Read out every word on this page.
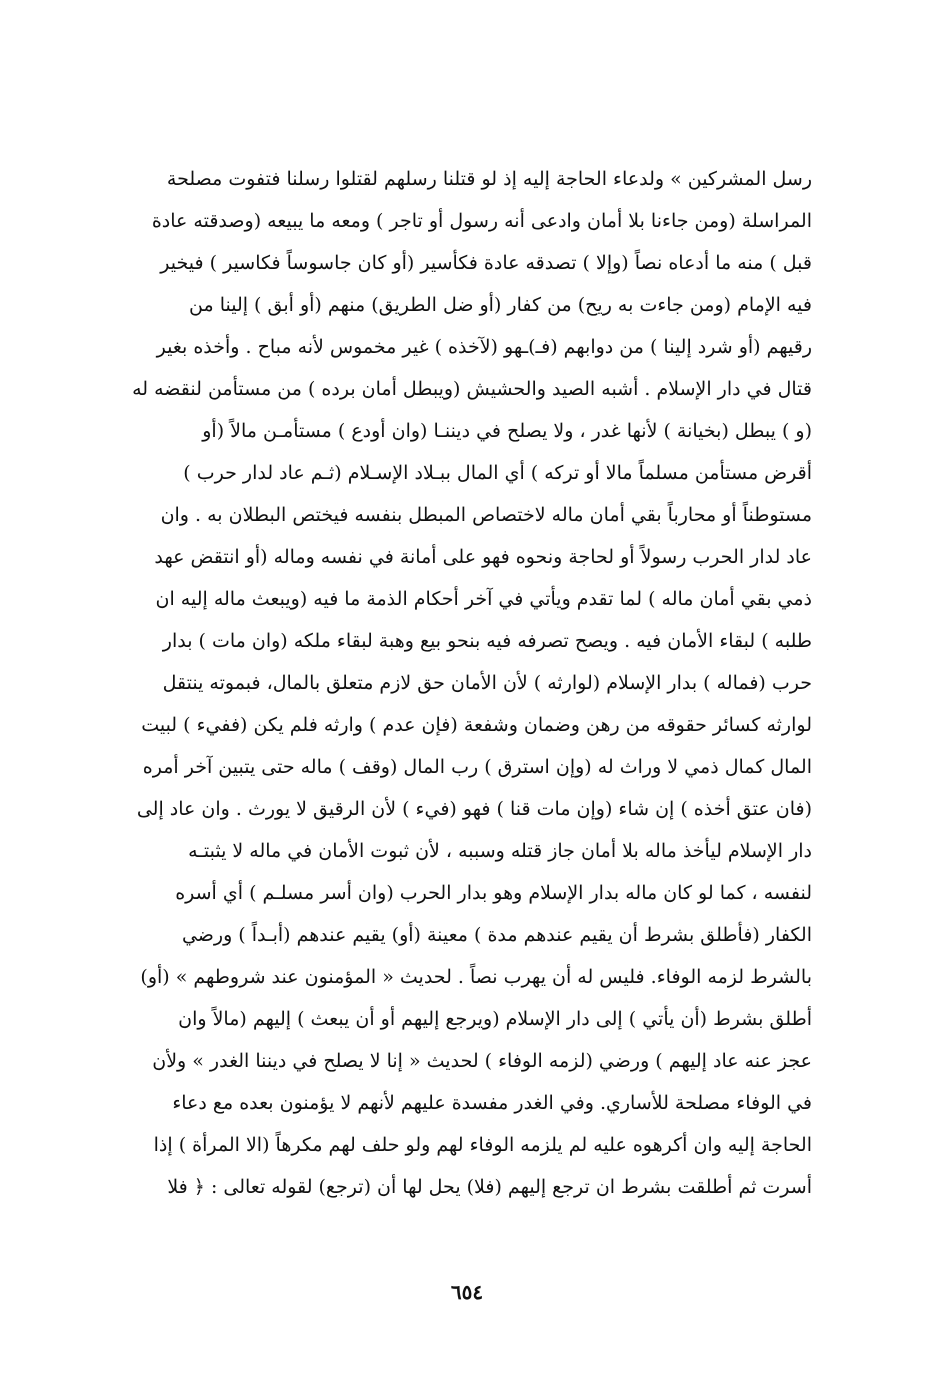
رسل المشركين » ولدعاء الحاجة إليه إذ لو قتلنا رسلهم لقتلوا رسلنا فتفوت مصلحة
المراسلة (ومن جاءنا بلا أمان وادعى أنه رسول أو تاجر ) ومعه ما يبيعه (وصدقته عادة
قبل ) منه ما أدعاه نصاً (وإلا ) تصدقه عادة فكأسير (أو كان جاسوساً فكاسير ) فيخير
فيه الإمام (ومن جاءت به ريح) من كفار (أو ضل الطريق) منهم (أو أبق ) إلينا من
رقيهم (أو شرد إلينا ) من دوابهم (فـ)ـهو (لآخذه ) غير مخموس لأنه مباح . وأخذه بغير
قتال في دار الإسلام . أشبه الصيد والحشيش (ويبطل أمان برده ) من مستأمن لنقضه له
(و ) يبطل (بخيانة ) لأنها غدر ، ولا يصلح في ديننـا (وان أودع ) مستأمـن مالاً (أو
أقرض مستأمن مسلماً مالا أو تركه ) أي المال ببـلاد الإسـلام (ثـم عاد لدار حرب )
مستوطناً أو محارباً بقي أمان ماله لاختصاص المبطل بنفسه فيختص البطلان به . وان
عاد لدار الحرب رسولاً أو لحاجة ونحوه فهو على أمانة في نفسه وماله (أو انتقض عهد
ذمي بقي أمان ماله ) لما تقدم ويأتي في آخر أحكام الذمة ما فيه (ويبعث ماله إليه ان
طلبه ) لبقاء الأمان فيه . ويصح تصرفه فيه بنحو بيع وهبة لبقاء ملكه (وان مات ) بدار
حرب (فماله ) بدار الإسلام (لوارثه ) لأن الأمان حق لازم متعلق بالمال، فبموته ينتقل
لوارثه كسائر حقوقه من رهن وضمان وشفعة (فإن عدم ) وارثه فلم يكن (ففيء ) لبيت
المال كمال ذمي لا وراث له (وإن استرق ) رب المال (وقف ) ماله حتى يتبين آخر أمره
(فان عتق أخذه ) إن شاء (وإن مات قنا ) فهو (فيء ) لأن الرقيق لا يورث . وان عاد إلى
دار الإسلام ليأخذ ماله بلا أمان جاز قتله وسببه ، لأن ثبوت الأمان في ماله لا يثبتـه
لنفسه ، كما لو كان ماله بدار الإسلام وهو بدار الحرب (وان أسر مسلـم ) أي أسره
الكفار (فأطلق بشرط أن يقيم عندهم مدة ) معينة (أو) يقيم عندهم (أبـداً ) ورضي
بالشرط لزمه الوفاء. فليس له أن يهرب نصاً . لحديث « المؤمنون عند شروطهم » (أو)
أطلق بشرط (أن يأتي ) إلى دار الإسلام (ويرجع إليهم أو أن يبعث ) إليهم (مالاً وان
عجز عنه عاد إليهم ) ورضي (لزمه الوفاء ) لحديث « إنا لا يصلح في ديننا الغدر » ولأن
في الوفاء مصلحة للأساري. وفي الغدر مفسدة عليهم لأنهم لا يؤمنون بعده مع دعاء
الحاجة إليه وان أكرهوه عليه لم يلزمه الوفاء لهم ولو حلف لهم مكرهاً (الا المرأة ) إذا
أسرت ثم أطلقت بشرط ان ترجع إليهم (فلا) يحل لها أن (ترجع) لقوله تعالى : ﴿ فلا
٦٥٤
